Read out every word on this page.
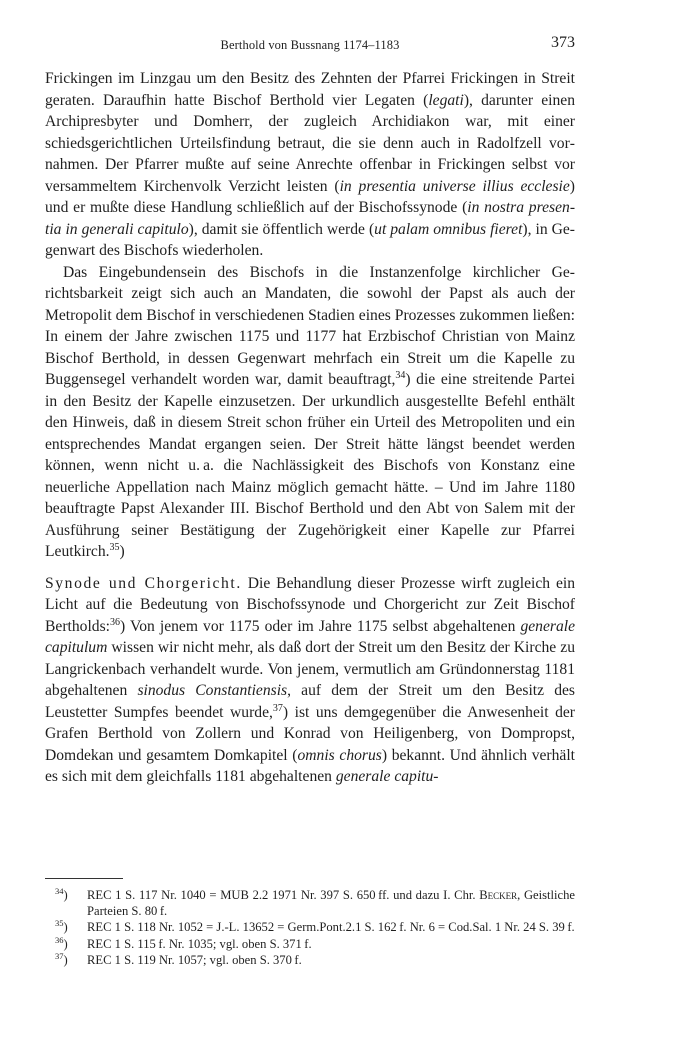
Berthold von Bussnang 1174–1183	373

Frickingen im Linzgau um den Besitz des Zehnten der Pfarrei Frickingen in Streit geraten. Daraufhin hatte Bischof Berthold vier Legaten (legati), darunter einen Archipresbyter und Domherr, der zugleich Archidiakon war, mit einer schiedsgerichtlichen Urteilsfindung betraut, die sie denn auch in Radolfzell vornahmen. Der Pfarrer mußte auf seine Anrechte offenbar in Frickingen selbst vor versammeltem Kirchenvolk Verzicht leisten (in presentia universe illius ecclesie) und er mußte diese Handlung schließlich auf der Bischofssynode (in nostra presentia in generali capitulo), damit sie öffentlich werde (ut palam omnibus fieret), in Gegenwart des Bischofs wiederholen.

Das Eingebundensein des Bischofs in die Instanzenfolge kirchlicher Gerichtsbarkeit zeigt sich auch an Mandaten, die sowohl der Papst als auch der Metropolit dem Bischof in verschiedenen Stadien eines Prozesses zukommen ließen: In einem der Jahre zwischen 1175 und 1177 hat Erzbischof Christian von Mainz Bischof Berthold, in dessen Gegenwart mehrfach ein Streit um die Kapelle zu Buggensegel verhandelt worden war, damit beauftragt,$^{34}$) die eine streitende Partei in den Besitz der Kapelle einzusetzen. Der urkundlich ausgestellte Befehl enthält den Hinweis, daß in diesem Streit schon früher ein Urteil des Metropoliten und ein entsprechendes Mandat ergangen seien. Der Streit hätte längst beendet werden können, wenn nicht u. a. die Nachlässigkeit des Bischofs von Konstanz eine neuerliche Appellation nach Mainz möglich gemacht hätte. – Und im Jahre 1180 beauftragte Papst Alexander III. Bischof Berthold und den Abt von Salem mit der Ausführung seiner Bestätigung der Zugehörigkeit einer Kapelle zur Pfarrei Leutkirch.$^{35}$)

Synode und Chorgericht. Die Behandlung dieser Prozesse wirft zugleich ein Licht auf die Bedeutung von Bischofssynode und Chorgericht zur Zeit Bischof Bertholds:$^{36}$) Von jenem vor 1175 oder im Jahre 1175 selbst abgehaltenen generale capitulum wissen wir nicht mehr, als daß dort der Streit um den Besitz der Kirche zu Langrickenbach verhandelt wurde. Von jenem, vermutlich am Gründonnerstag 1181 abgehaltenen sinodus Constantiensis, auf dem der Streit um den Besitz des Leustetter Sumpfes beendet wurde,$^{37}$) ist uns demgegenüber die Anwesenheit der Grafen Berthold von Zollern und Konrad von Heiligenberg, von Dompropst, Domdekan und gesamtem Domkapitel (omnis chorus) bekannt. Und ähnlich verhält es sich mit dem gleichfalls 1181 abgehaltenen generale capitu-

$^{34}$) REC 1 S. 117 Nr. 1040 = MUB 2.2 1971 Nr. 397 S. 650 ff. und dazu I. Chr. Becker, Geistliche Parteien S. 80 f.
$^{35}$) REC 1 S. 118 Nr. 1052 = J.-L. 13652 = Germ.Pont.2.1 S. 162 f. Nr. 6 = Cod.Sal. 1 Nr. 24 S. 39 f.
$^{36}$) REC 1 S. 115 f. Nr. 1035; vgl. oben S. 371 f.
$^{37}$) REC 1 S. 119 Nr. 1057; vgl. oben S. 370 f.
